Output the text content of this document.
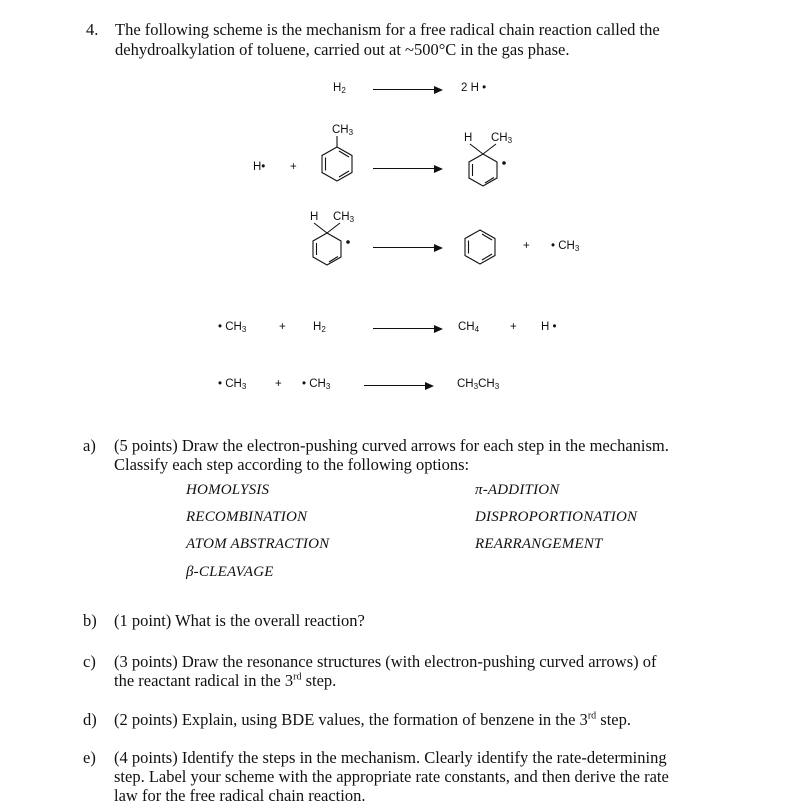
4. The following scheme is the mechanism for a free radical chain reaction called the
dehydroalkylation of toluene, carried out at ~500°C in the gas phase.
$H_2$	2 H •
H• +
$CH_3$	H $CH_3$
H $CH_3$
+ • $CH_3$
• $CH_3$	+ $H_2$	$CH_4$	+ H •
• $CH_3$ + • $CH_3$	$CH_3CH_3$
a) (5 points) Draw the electron-pushing curved arrows for each step in the mechanism.
Classify each step according to the following options:
HOMOLYSIS
RECOMBINATION
ATOM ABSTRACTION
β-CLEAVAGE
π-ADDITION
DISPROPORTIONATION
REARRANGEMENT
b) (1 point) What is the overall reaction?
c) (3 points) Draw the resonance structures (with electron-pushing curved arrows) of
the reactant radical in the 3rd step.
d) (2 points) Explain, using BDE values, the formation of benzene in the 3rd step.
e) (4 points) Identify the steps in the mechanism. Clearly identify the rate-determining
step. Label your scheme with the appropriate rate constants, and then derive the rate
law for the free radical chain reaction.
